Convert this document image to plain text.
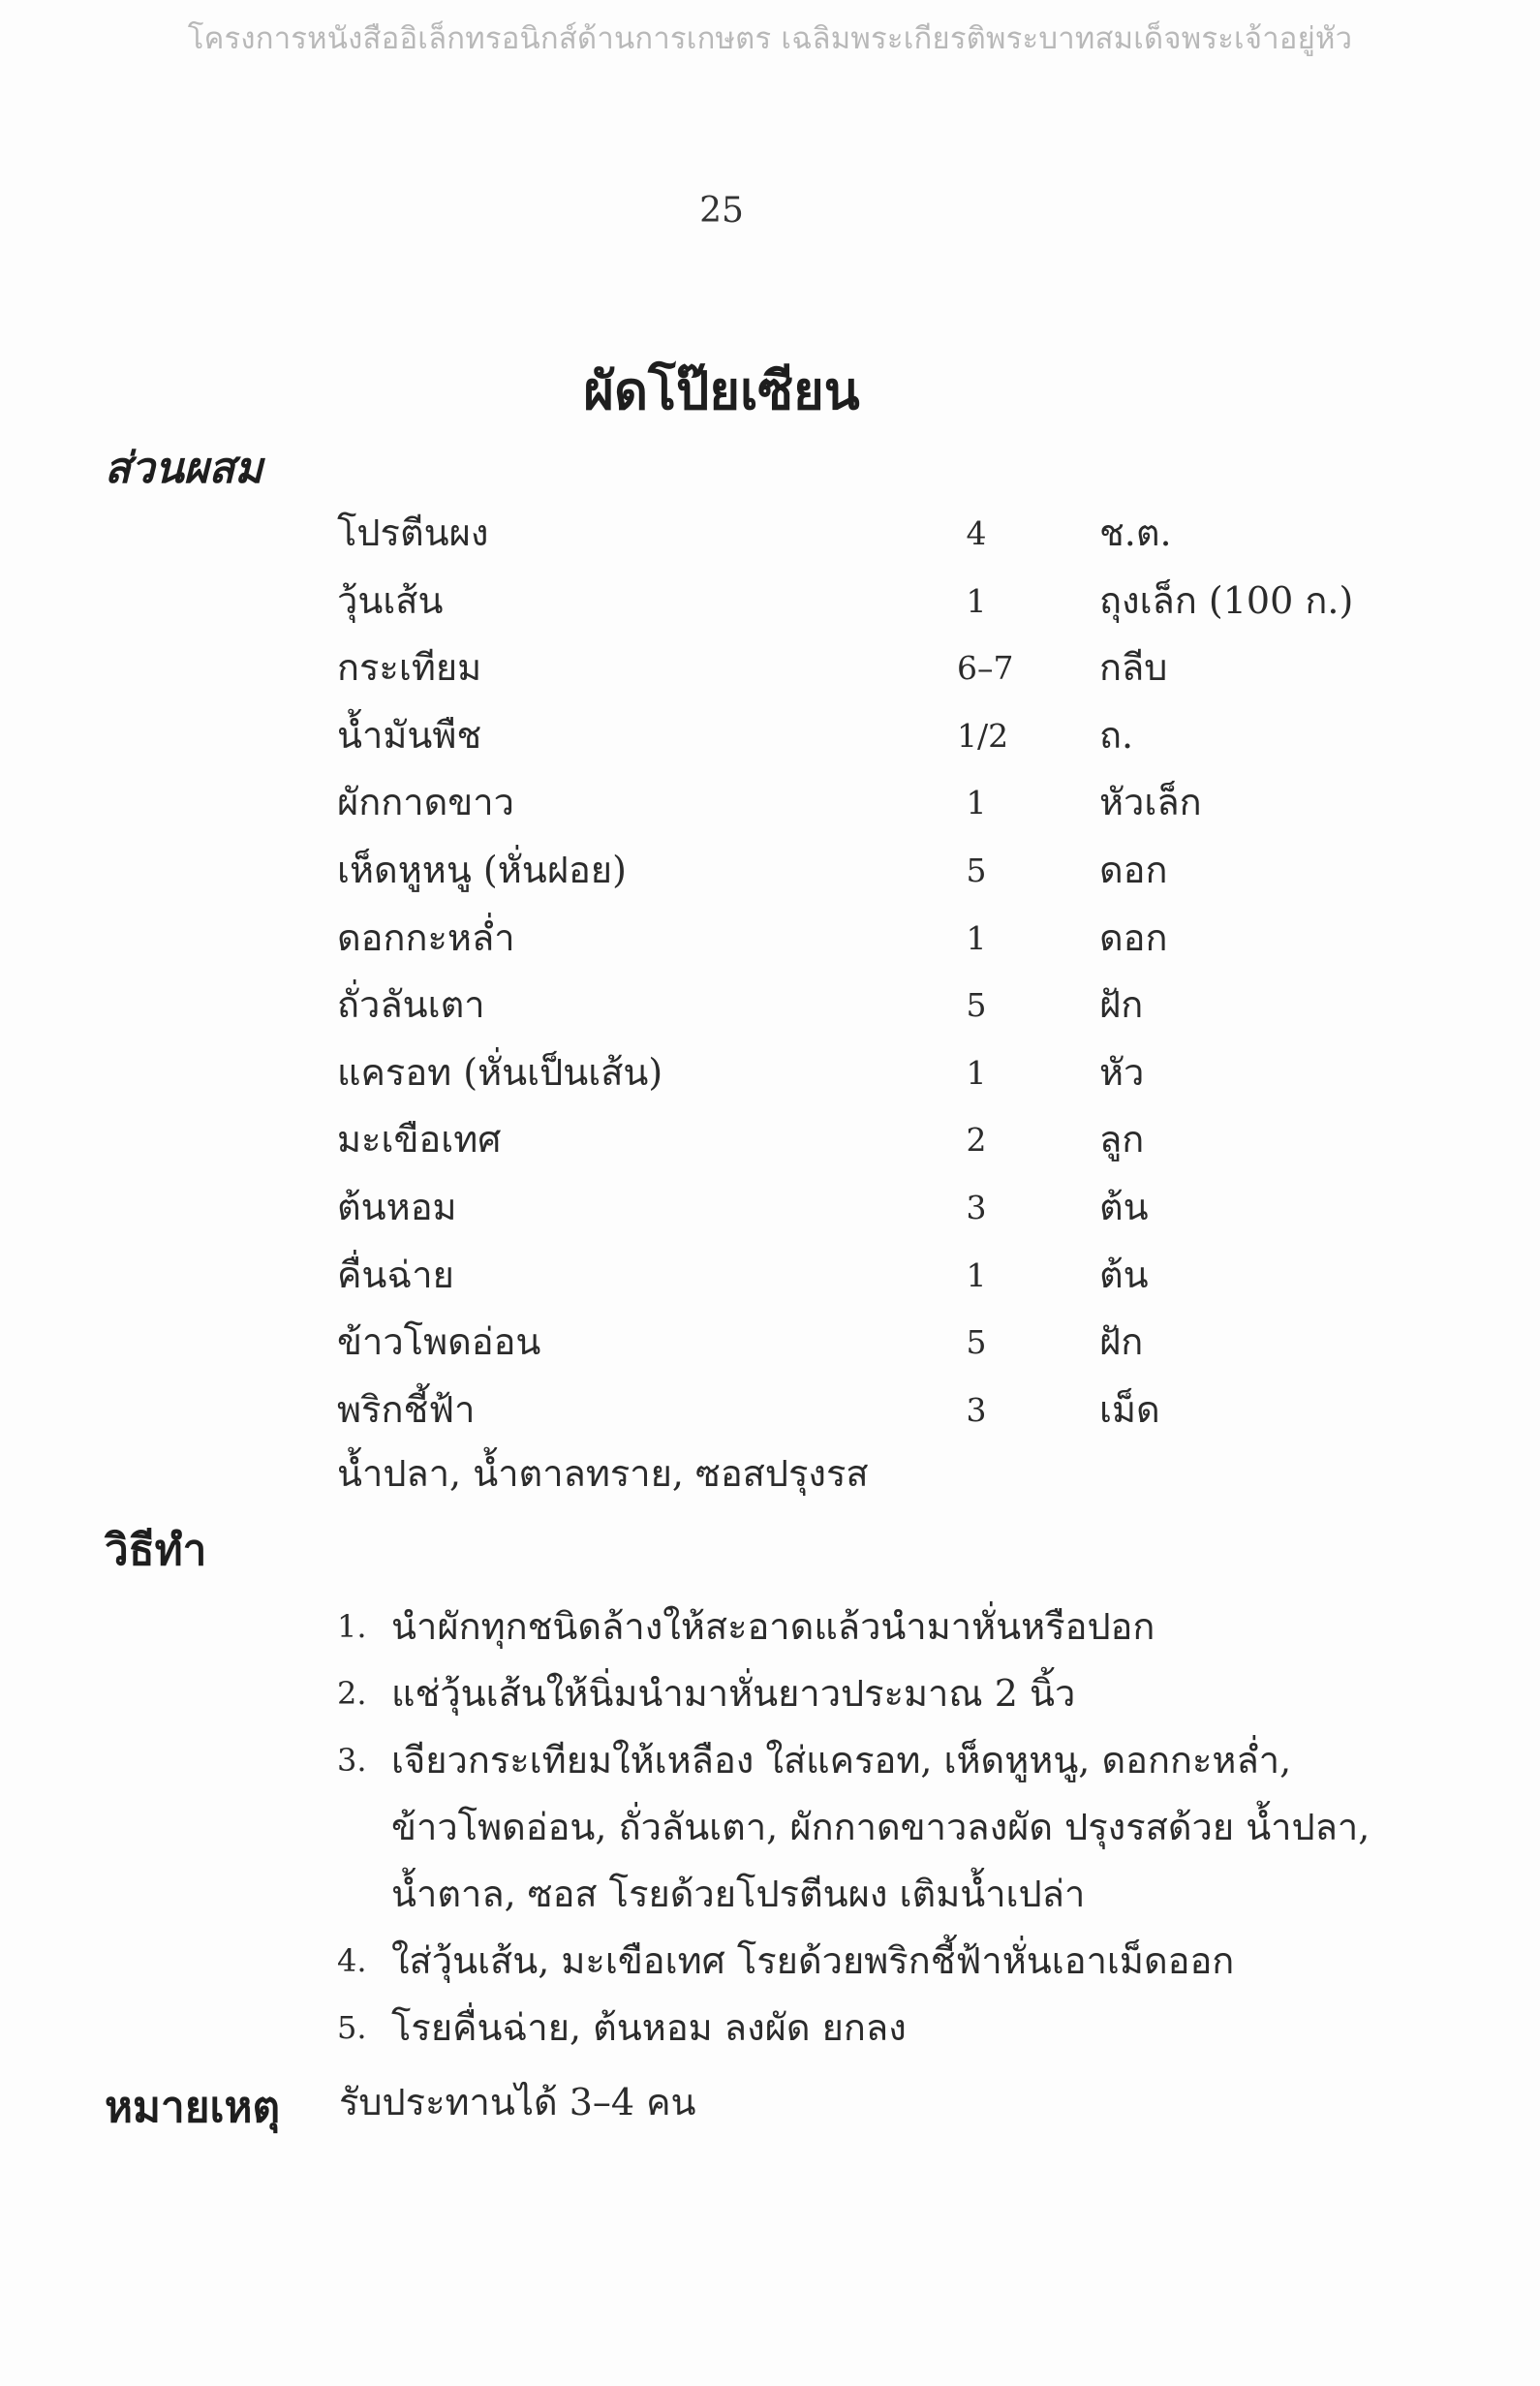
โครงการหนังสืออิเล็กทรอนิกส์ด้านการเกษตร เฉลิมพระเกียรติพระบาทสมเด็จพระเจ้าอยู่หัว
25
ผัดโป๊ยเซียน
ส่วนผสม
โปรตีนผง	4	ช.ต.
วุ้นเส้น	1	ถุงเล็ก (100 ก.)
กระเทียม	6–7 กลีบ
น้ำมันพืช	1/2 ถ.
ผักกาดขาว	1	หัวเล็ก
เห็ดหูหนู (หั่นฝอย)	5	ดอก
ดอกกะหล่ำ	1	ดอก
ถั่วลันเตา	5	ฝัก
แครอท (หั่นเป็นเส้น)	1	หัว
มะเขือเทศ	2	ลูก
ต้นหอม	3	ต้น
คื่นฉ่าย	1	ต้น
ข้าวโพดอ่อน	5	ฝัก
พริกชี้ฟ้า	3	เม็ด
น้ำปลา, น้ำตาลทราย, ซอสปรุงรส
วิธีทำ
1. นำผักทุกชนิดล้างให้สะอาดแล้วนำมาหั่นหรือปอก
2. แช่วุ้นเส้นให้นิ่มนำมาหั่นยาวประมาณ 2 นิ้ว
3. เจียวกระเทียมให้เหลือง ใส่แครอท, เห็ดหูหนู, ดอกกะหล่ำ,
ข้าวโพดอ่อน, ถั่วลันเตา, ผักกาดขาวลงผัด ปรุงรสด้วย น้ำปลา,
น้ำตาล, ซอส โรยด้วยโปรตีนผง เติมน้ำเปล่า
4. ใส่วุ้นเส้น, มะเขือเทศ โรยด้วยพริกชี้ฟ้าหั่นเอาเม็ดออก
5. โรยคื่นฉ่าย, ต้นหอม ลงผัด ยกลง
หมายเหตุ รับประทานได้ 3–4 คน
